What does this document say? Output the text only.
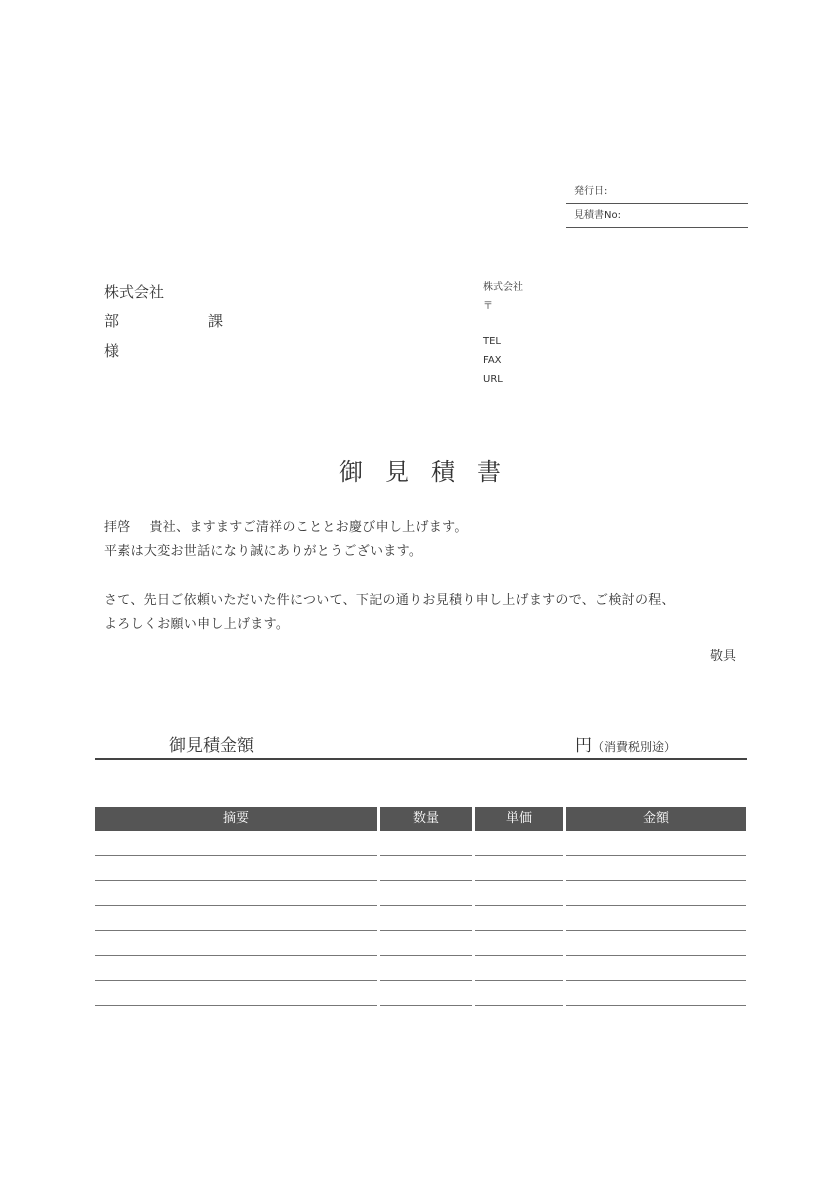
発行日:
見積書No:
株式会社
部	課
様
株式会社
〒
TEL
FAX
URL
御見積書
拝啓 貴社、ますますご清祥のこととお慶び申し上げます。
平素は大変お世話になり誠にありがとうございます。
さて、先日ご依頼いただいた件について、下記の通りお見積り申し上げますので、ご検討の程、
よろしくお願い申し上げます。
敬具
御見積金額	円（消費税別途）
摘要	数量	単価	金額
